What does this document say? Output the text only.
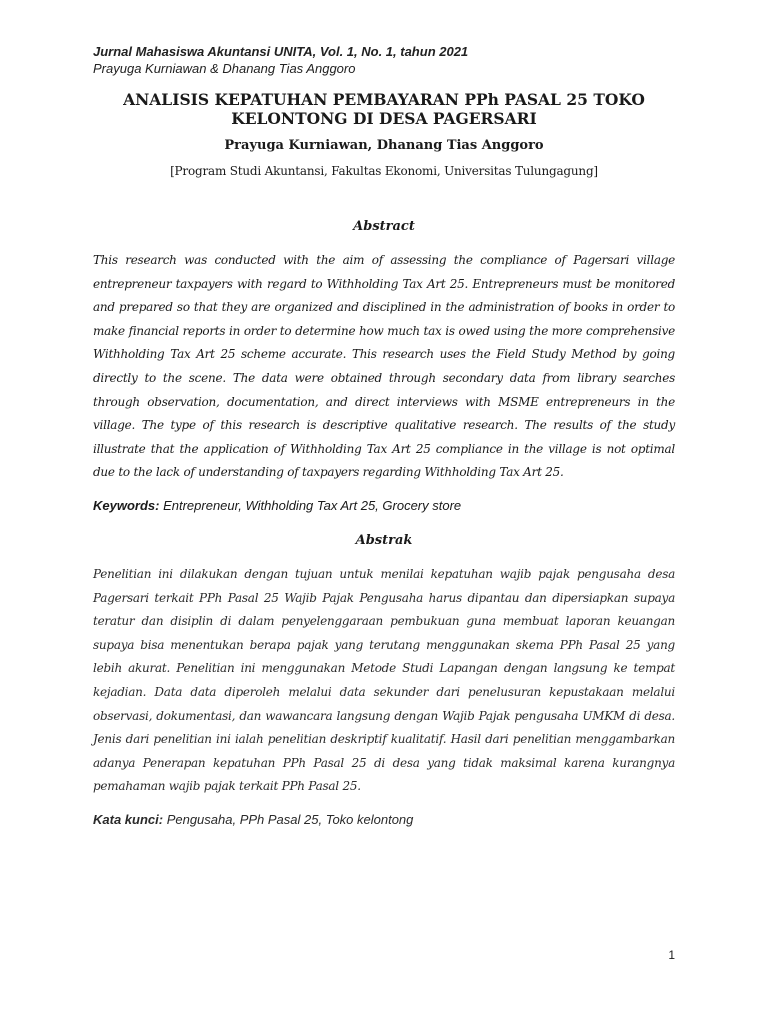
Jurnal Mahasiswa Akuntansi UNITA, Vol. 1, No. 1, tahun 2021
Prayuga Kurniawan & Dhanang Tias Anggoro
ANALISIS KEPATUHAN PEMBAYARAN PPh PASAL 25 TOKO KELONTONG DI DESA PAGERSARI
Prayuga Kurniawan, Dhanang Tias Anggoro
[Program Studi Akuntansi, Fakultas Ekonomi, Universitas Tulungagung]
Abstract

This research was conducted with the aim of assessing the compliance of Pagersari village entrepreneur taxpayers with regard to Withholding Tax Art 25. Entrepreneurs must be monitored and prepared so that they are organized and disciplined in the administration of books in order to make financial reports in order to determine how much tax is owed using the more comprehensive Withholding Tax Art 25 scheme accurate. This research uses the Field Study Method by going directly to the scene. The data were obtained through secondary data from library searches through observation, documentation, and direct interviews with MSME entrepreneurs in the village. The type of this research is descriptive qualitative research. The results of the study illustrate that the application of Withholding Tax Art 25 compliance in the village is not optimal due to the lack of understanding of taxpayers regarding Withholding Tax Art 25.

Keywords: Entrepreneur, Withholding Tax Art 25, Grocery store
Abstrak

Penelitian ini dilakukan dengan tujuan untuk menilai kepatuhan wajib pajak pengusaha desa Pagersari terkait PPh Pasal 25 Wajib Pajak Pengusaha harus dipantau dan dipersiapkan supaya teratur dan disiplin di dalam penyelenggaraan pembukuan guna membuat laporan keuangan supaya bisa menentukan berapa pajak yang terutang menggunakan skema PPh Pasal 25 yang lebih akurat. Penelitian ini menggunakan Metode Studi Lapangan dengan langsung ke tempat kejadian. Data data diperoleh melalui data sekunder dari penelusuran kepustakaan melalui observasi, dokumentasi, dan wawancara langsung dengan Wajib Pajak pengusaha UMKM di desa. Jenis dari penelitian ini ialah penelitian deskriptif kualitatif. Hasil dari penelitian menggambarkan adanya Penerapan kepatuhan PPh Pasal 25 di desa yang tidak maksimal karena kurangnya pemahaman wajib pajak terkait PPh Pasal 25.

Kata kunci: Pengusaha, PPh Pasal 25, Toko kelontong
1
